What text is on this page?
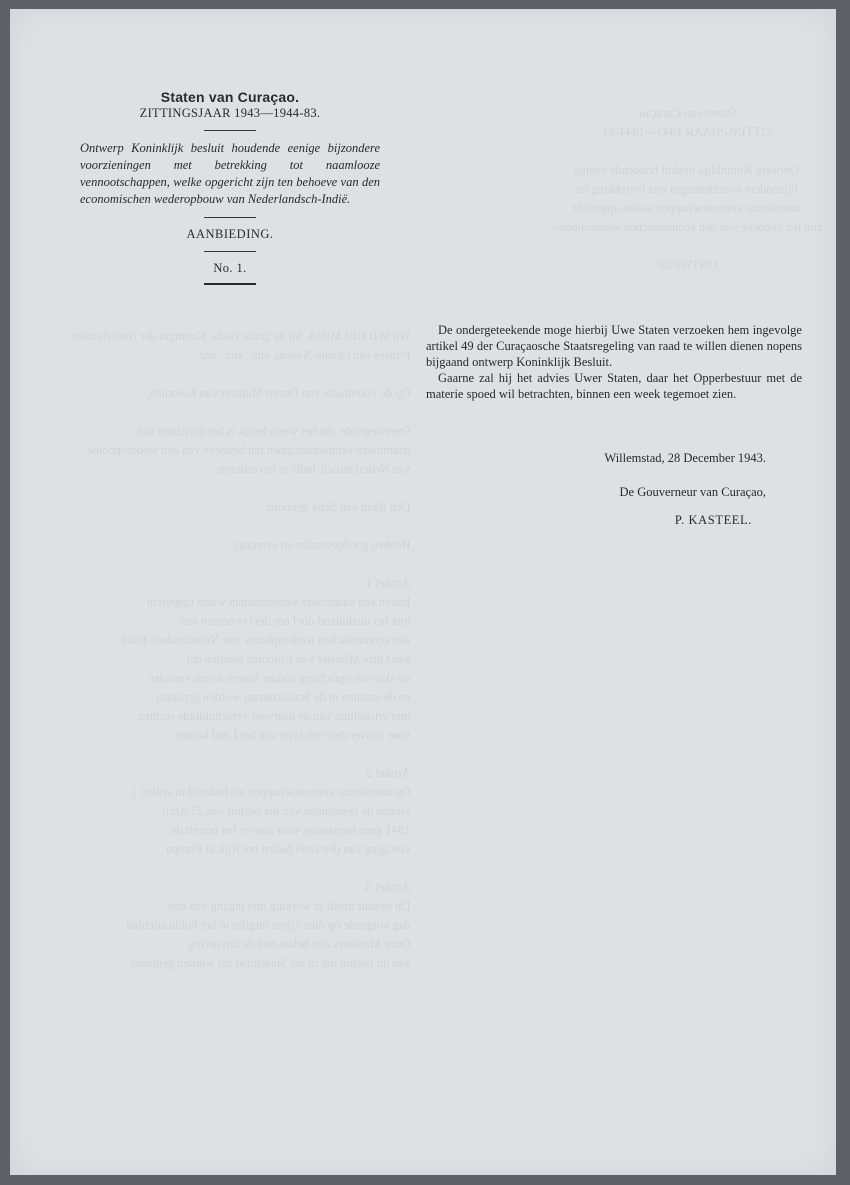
Wij WILHELMINA, bij de gratie Gods, Koningin der Nederlanden,
Prinses van Oranje-Nassau, enz., enz., enz.

Op de voordracht van Onzen Minister van Koloniën;

Overwegende, dat het wenschelijk is het oprichten van
naamlooze vennootschappen ten behoeve van den wederopbouw
van Nederlandsch-Indië te bevorderen;

Den Raad van State gehoord;

Hebben goedgevonden en verstaan:

Artikel 1.
Indien een naamlooze vennootschap wordt opgericht
met het uitsluitend doel om deel te nemen aan
den economischen wederopbouw van Nederlandsch-Indië
kan Onze Minister van Koloniën bepalen dat
de akte van oprichting zonder kosten wordt verleden
en de statuten in de Staatscourant worden geplaatst
met vrijstelling van de daarvoor verschuldigde rechten
voor zoover deze ten laste van het Land komen

Artikel 2.
Op naamlooze vennootschappen als bedoeld in artikel 1
vinden de bepalingen van het besluit van 25 April
1941 geen toepassing voor zoover het betreft de
vestiging van den zetel buiten het Rijk in Europa

Artikel 3.
Dit besluit treedt in werking met ingang van den
dag volgende op dien zijner uitgifte in het Publicatieblad
Onze Ministers zijn belast met de uitvoering
van dit besluit dat in het Staatsblad zal worden geplaatst.
Staten van Curaçao.
ZITTINGSJAAR 1943—1944-83.

Ontwerp Koninklijk besluit houdende eenige
bijzondere voorzieningen met betrekking tot
naamlooze vennootschappen welke opgericht
zijn ten behoeve van den economischen wederopbouw

ONTWERP.
Staten van Curaçao.
ZITTINGSJAAR 1943—1944-83.
Ontwerp Koninklijk besluit houdende eenige bijzondere voorzieningen met betrekking tot naamlooze vennootschappen, welke opgericht zijn ten behoeve van den economischen wederopbouw van Nederlandsch-Indië.
AANBIEDING.
No. 1.

De ondergeteekende moge hierbij Uwe Staten verzoeken hem ingevolge artikel 49 der Curaçaosche Staatsregeling van raad te willen dienen nopens bijgaand ontwerp Koninklijk Besluit.

Gaarne zal hij het advies Uwer Staten, daar het Opperbestuur met de materie spoed wil betrachten, binnen een week tegemoet zien.

Willemstad, 28 December 1943.
De Gouverneur van Curaçao,
P. KASTEEL.
